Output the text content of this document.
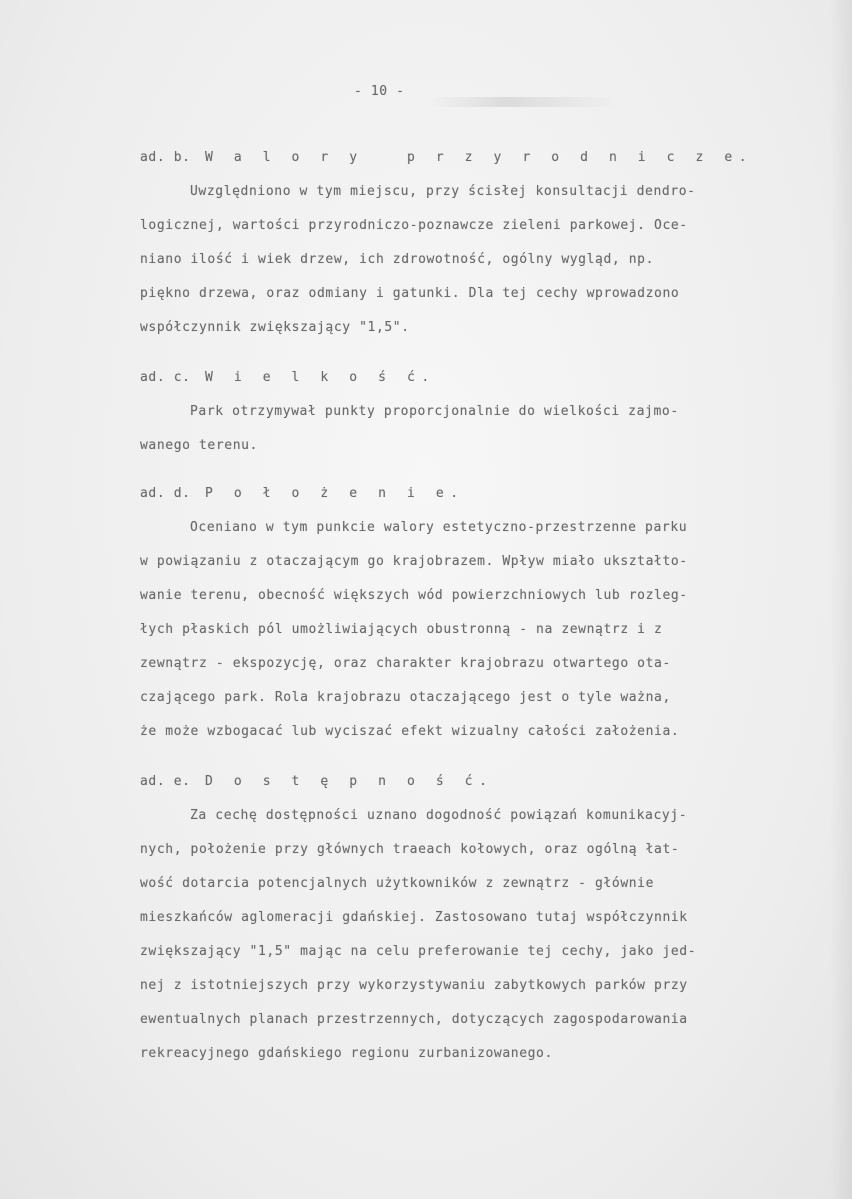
- 10 -
ad. b. W a l o r y   p r z y r o d n i c z e.
Uwzględniono w tym miejscu, przy ścisłej konsultacji dendro-
logicznej, wartości przyrodniczo-poznawcze zieleni parkowej. Oce-
niano ilość i wiek drzew, ich zdrowotność, ogólny wygląd, np.
piękno drzewa, oraz odmiany i gatunki. Dla tej cechy wprowadzono
współczynnik zwiększający "1,5".
ad. c. W i e l k o ś ć.
Park otrzymywał punkty proporcjonalnie do wielkości zajmo-
wanego terenu.
ad. d. P o ł o ż e n i e.
Oceniano w tym punkcie walory estetyczno-przestrzenne parku
w powiązaniu z otaczającym go krajobrazem. Wpływ miało ukształto-
wanie terenu, obecność większych wód powierzchniowych lub rozleg-
łych płaskich pól umożliwiających obustronną - na zewnątrz i z
zewnątrz - ekspozycję, oraz charakter krajobrazu otwartego ota-
czającego park. Rola krajobrazu otaczającego jest o tyle ważna,
że może wzbogacać lub wyciszać efekt wizualny całości założenia.
ad. e. D o s t ę p n o ś ć.
Za cechę dostępności uznano dogodność powiązań komunikacyj-
nych, położenie przy głównych traeach kołowych, oraz ogólną łat-
wość dotarcia potencjalnych użytkowników z zewnątrz - głównie
mieszkańców aglomeracji gdańskiej. Zastosowano tutaj współczynnik
zwiększający "1,5" mając na celu preferowanie tej cechy, jako jed-
nej z istotniejszych przy wykorzystywaniu zabytkowych parków przy
ewentualnych planach przestrzennych, dotyczących zagospodarowania
rekreacyjnego gdańskiego regionu zurbanizowanego.
